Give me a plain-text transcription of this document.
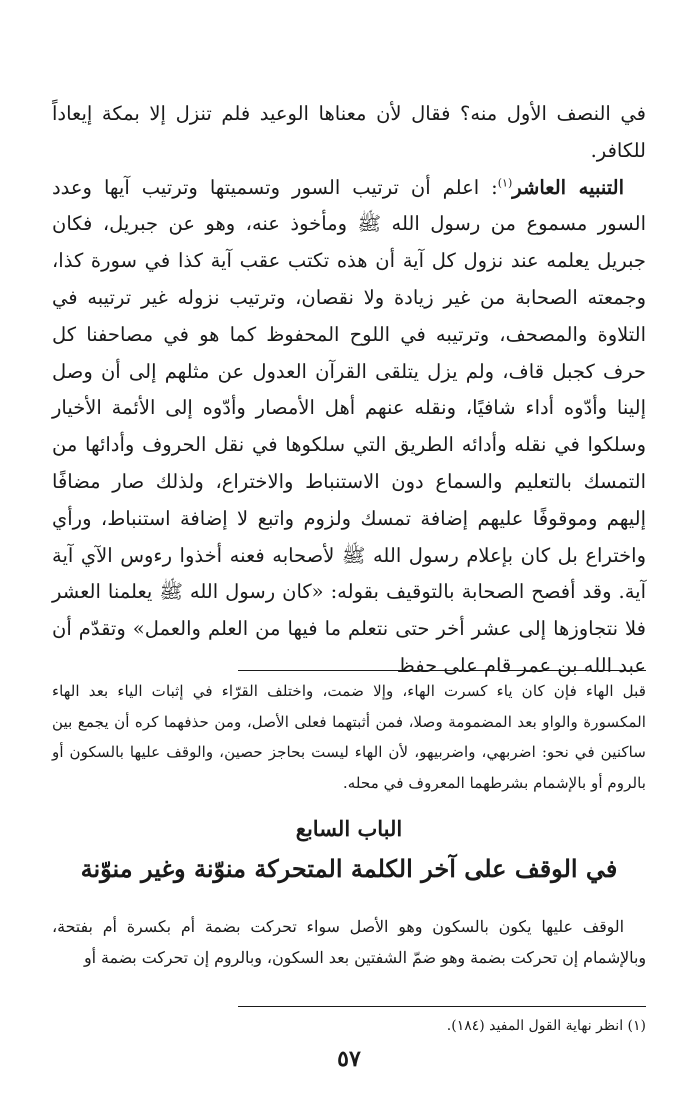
في النصف الأول منه؟ فقال لأن معناها الوعيد فلم تنزل إلا بمكة إيعاداً للكافر.

التنبيه العاشر$^{(١)}$: اعلم أن ترتيب السور وتسميتها وترتيب آيها وعدد السور مسموع من رسول الله ﷺ ومأخوذ عنه، وهو عن جبريل، فكان جبريل يعلمه عند نزول كل آية أن هذه تكتب عقب آية كذا في سورة كذا، وجمعته الصحابة من غير زيادة ولا نقصان، وترتيب نزوله غير ترتيبه في التلاوة والمصحف، وترتيبه في اللوح المحفوظ كما هو في مصاحفنا كل حرف كجبل قاف، ولم يزل يتلقى القرآن العدول عن مثلهم إلى أن وصل إلينا وأدّوه أداء شافيًا، ونقله عنهم أهل الأمصار وأدّوه إلى الأئمة الأخيار وسلكوا في نقله وأدائه الطريق التي سلكوها في نقل الحروف وأدائها من التمسك بالتعليم والسماع دون الاستنباط والاختراع، ولذلك صار مضافًا إليهم وموقوفًا عليهم إضافة تمسك ولزوم واتبع لا إضافة استنباط، ورأي واختراع بل كان بإعلام رسول الله ﷺ لأصحابه فعنه أخذوا رءوس الآي آية آية. وقد أفصح الصحابة بالتوقيف بقوله: «كان رسول الله ﷺ يعلمنا العشر فلا نتجاوزها إلى عشر أخر حتى نتعلم ما فيها من العلم والعمل» وتقدّم أن عبد الله بن عمر قام على حفظ

قبل الهاء فإن كان ياء كسرت الهاء، وإلا ضمت، واختلف القرّاء في إثبات الياء بعد الهاء المكسورة والواو بعد المضمومة وصلا، فمن أثبتهما فعلى الأصل، ومن حذفهما كره أن يجمع بين ساكنين في نحو: اضربهي، واضربيهو، لأن الهاء ليست بحاجز حصين، والوقف عليها بالسكون أو بالروم أو بالإشمام بشرطهما المعروف في محله.

الباب السابع
في الوقف على آخر الكلمة المتحركة منوّنة وغير منوّنة

الوقف عليها يكون بالسكون وهو الأصل سواء تحركت بضمة أم بكسرة أم بفتحة، وبالإشمام إن تحركت بضمة وهو ضمّ الشفتين بعد السكون، وبالروم إن تحركت بضمة أو

(١) انظر نهاية القول المفيد (١٨٤).
٥٧
